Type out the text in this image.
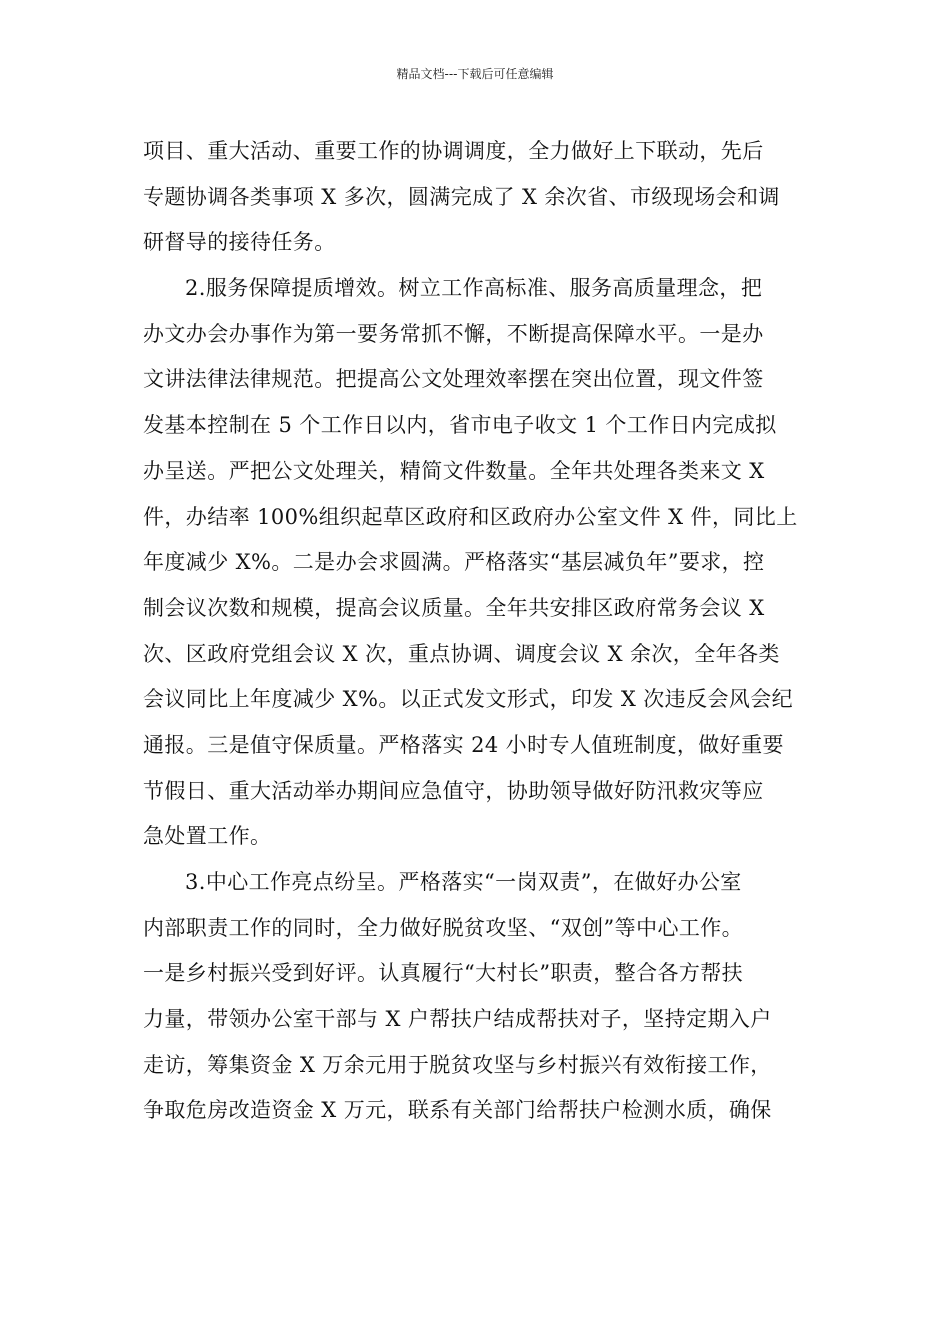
精品文档---下载后可任意编辑
项目、重大活动、重要工作的协调调度，全力做好上下联动，先后
专题协调各类事项 X 多次，圆满完成了 X 余次省、市级现场会和调
研督导的接待任务。
2.服务保障提质增效。树立工作高标准、服务高质量理念，把
办文办会办事作为第一要务常抓不懈，不断提高保障水平。一是办
文讲法律法律规范。把提高公文处理效率摆在突出位置，现文件签
发基本控制在 5 个工作日以内，省市电子收文 1 个工作日内完成拟
办呈送。严把公文处理关，精简文件数量。全年共处理各类来文 X
件，办结率 100%组织起草区政府和区政府办公室文件 X 件，同比上
年度减少 X%。二是办会求圆满。严格落实“基层减负年”要求，控
制会议次数和规模，提高会议质量。全年共安排区政府常务会议 X
次、区政府党组会议 X 次，重点协调、调度会议 X 余次，全年各类
会议同比上年度减少 X%。以正式发文形式，印发 X 次违反会风会纪
通报。三是值守保质量。严格落实 24 小时专人值班制度，做好重要
节假日、重大活动举办期间应急值守，协助领导做好防汛救灾等应
急处置工作。
3.中心工作亮点纷呈。严格落实“一岗双责”，在做好办公室
内部职责工作的同时，全力做好脱贫攻坚、“双创”等中心工作。
一是乡村振兴受到好评。认真履行“大村长”职责，整合各方帮扶
力量，带领办公室干部与 X 户帮扶户结成帮扶对子，坚持定期入户
走访，筹集资金 X 万余元用于脱贫攻坚与乡村振兴有效衔接工作，
争取危房改造资金 X 万元，联系有关部门给帮扶户检测水质，确保
